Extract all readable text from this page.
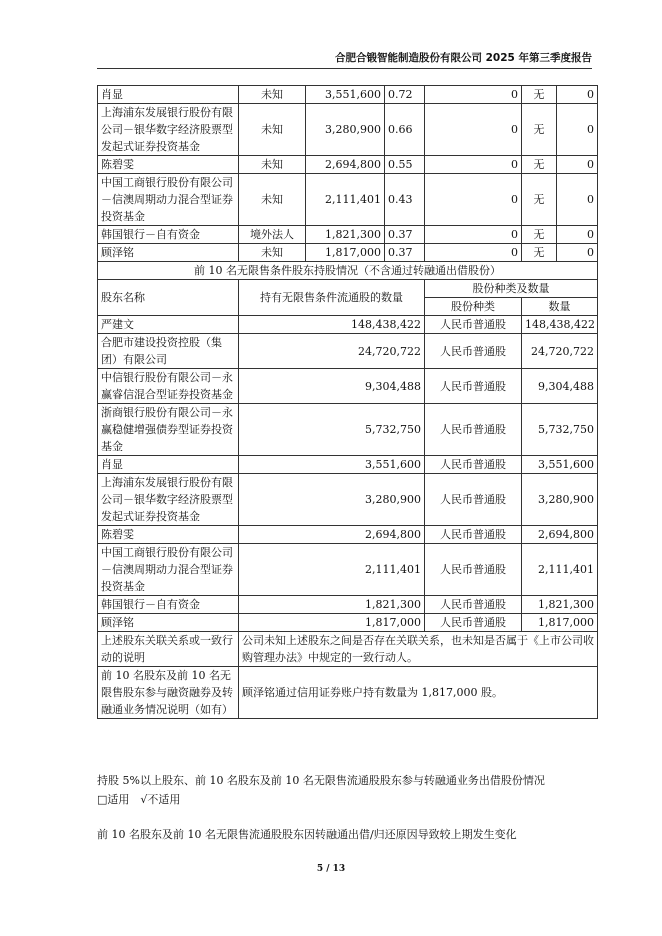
合肥合锻智能制造股份有限公司 2025 年第三季度报告
肖显	未知	3,551,600	0.72	0	无	0
上海浦东发展银行股份有限公司－银华数字经济股票型发起式证券投资基金	未知	3,280,900	0.66	0	无	0
陈碧雯	未知	2,694,800	0.55	0	无	0
中国工商银行股份有限公司－信澳周期动力混合型证券投资基金	未知	2,111,401	0.43	0	无	0
韩国银行－自有资金	境外法人	1,821,300	0.37	0	无	0
顾泽铭	未知	1,817,000	0.37	0	无	0
前 10 名无限售条件股东持股情况（不含通过转融通出借股份）						
股东名称	持有无限售条件流通股的数量			股份种类及数量		
				股份种类	数量	
严建文	148,438,422			人民币普通股	148,438,422	
合肥市建设投资控股（集团）有限公司	24,720,722			人民币普通股	24,720,722	
中信银行股份有限公司－永赢睿信混合型证券投资基金	9,304,488			人民币普通股	9,304,488	
浙商银行股份有限公司－永赢稳健增强债券型证券投资基金	5,732,750			人民币普通股	5,732,750	
肖显	3,551,600			人民币普通股	3,551,600	
上海浦东发展银行股份有限公司－银华数字经济股票型发起式证券投资基金	3,280,900			人民币普通股	3,280,900	
陈碧雯	2,694,800			人民币普通股	2,694,800	
中国工商银行股份有限公司－信澳周期动力混合型证券投资基金	2,111,401			人民币普通股	2,111,401	
韩国银行－自有资金	1,821,300			人民币普通股	1,821,300	
顾泽铭	1,817,000			人民币普通股	1,817,000	
上述股东关联关系或一致行动的说明	公司未知上述股东之间是否存在关联关系，也未知是否属于《上市公司收购管理办法》中规定的一致行动人。					
前 10 名股东及前 10 名无限售股东参与融资融券及转融通业务情况说明（如有）	顾泽铭通过信用证券账户持有数量为 1,817,000 股。					
持股 5%以上股东、前 10 名股东及前 10 名无限售流通股股东参与转融通业务出借股份情况
□适用　√不适用
前 10 名股东及前 10 名无限售流通股股东因转融通出借/归还原因导致较上期发生变化
5 / 13
